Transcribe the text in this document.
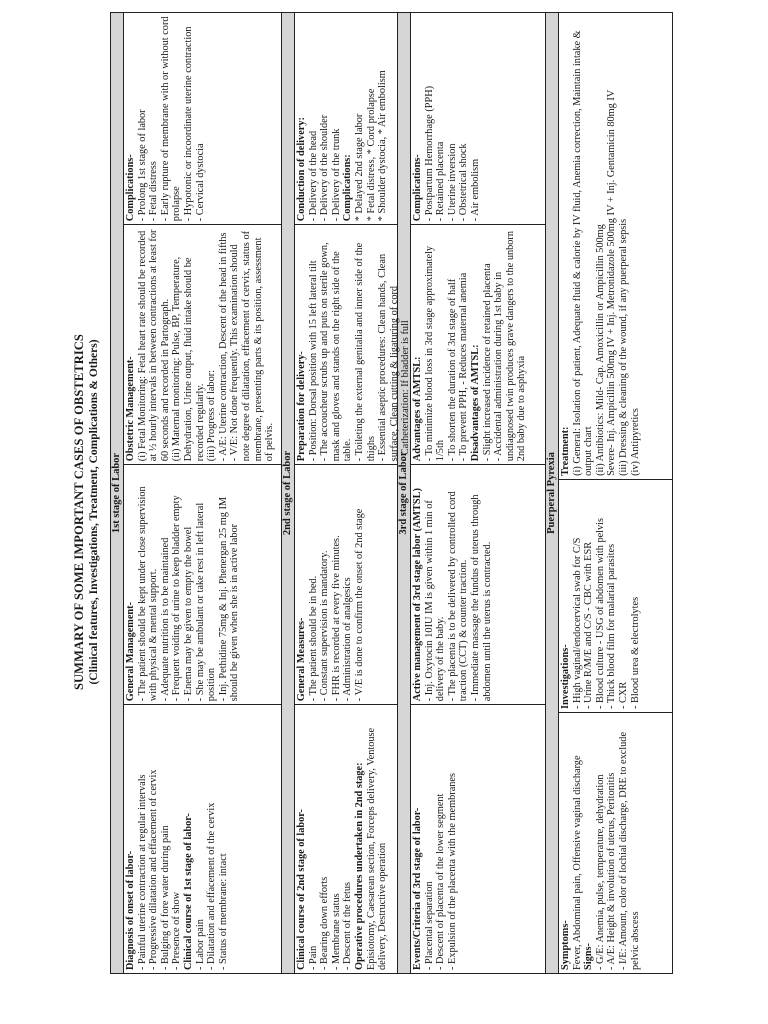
SUMMARY OF SOME IMPORTANT CASES OF OBSTETRICS (Clinical features, Investigations, Treatment, Complications & Others) 1st stage of Labor
Diagnosis of onset of labor- - Painful uterine contraction at regular intervals - Progressive dilatation and effacement of cervix - Bulging of fore water during pain - Presence of show Clinical course of 1st stage of labor- - Labor pain - Dilatation and effacement of the cervix - Status of membrane: intact
General Management- - The patient should be kept under close supervision with physical & mental support. - Adequate nutrition is to be maintained - Frequent voiding of urine to keep bladder empty - Enema may be given to empty the bowel - She may be ambulant or take rest in left lateral position - Inj. Pethidine 75mg & Inj. Phenergan 25 mg IM should be given when she is in active labor
Obstetric Management- (i) Fetal Monitoring: Fetal heart rate should be recorded at ½ hourly intervals in between contractions at least for 60 seconds and recorded in Partograph. (ii) Maternal monitoring: Pulse, BP, Temperature, Dehydration, Urine output, fluid intake should be recorded regularly. (iii) Progress of labor: - A/E: Uterine contraction, Descent of the head in fifths - V/E: Not done frequently. This examination should note degree of dilatation, effacement of cervix, status of membrane, presenting parts & its position, assessment of pelvis.
Complications- - Prolong 1st stage of labor - Fetal distress - Early rupture of membrane with or without cord prolapse - Hypotonic or incoordinate uterine contraction - Cervical dystocia
2nd stage of Labor
Clinical course of 2nd stage of labor- - Pain - Bearing down efforts - Membrane status - Descent of the fetus Operative procedures undertaken in 2nd stage: Episiotomy, Caesarean section, Forceps delivery, Ventouse delivery, Destructive operation
General Measures- - The patient should be in bed. - Constant supervision is mandatory. - FHR is recorded at every five minutes. - Administration of analgesics - V/E is done to confirm the onset of 2nd stage
Preparation for delivery- - Position: Dorsal position with 15 left lateral tilt - The accoucheur scrubs up and puts on sterile gown, mask and gloves and stands on the right side of the table. - Toileting the external genitalia and inner side of the thighs - Essential aseptic procedures: Clean hands, Clean surface, Clean cutting & ligaturing of cord - Catheterization: If bladder is full
Conduction of delivery: - Delivery of the head - Delivery of the shoulder - Delivery of the trunk Complications: * Delayed 2nd stage labor * Fetal distress, * Cord prolapse * Shoulder dystocia, * Air embolism
3rd stage of Labor
Events/Criteria of 3rd stage of labor- - Placental separation - Descent of placenta of the lower segment - Expulsion of the placenta with the membranes
Active management of 3rd stage labor (AMTSL) - Inj. Oxytocin 10IU IM is given within 1 min of delivery of the baby. - The placenta is to be delivered by controlled cord traction (CCT) & counter traction. - Immediate massage the fundus of uterus through abdomen until the uterus is contracted.
Advantages of AMTSL: - To minimize blood loss in 3rd stage approximately 1/5th - To shorten the duration of 3rd stage of half - To prevent PPH, - Reduces maternal anemia Disadvantages of AMTSL: - Slight increased incidence of retained placenta - Accidental administration during 1st baby in undiagnosed twin produces grave dangers to the unborn 2nd baby due to asphyxia
Complications- - Postpartum Hemorrhage (PPH) - Retained placenta - Uterine inversion - Obstetrical shock - Air embolism
Puerperal Pyrexia
Symptoms- Fever, Abdominal pain, Offensive vaginal discharge Signs- - G/E: Anemia, pulse, temperature, dehydration - A/E: Height & involution of uterus, Peritonitis - I/E: Amount, color of lochial discharge, DRE to exclude pelvic abscess
Investigations- - High vaginal/endocervical swab for C/S - Urine R/M/E and C/S - CBC with ESR - Blood culture - USG of abdomen with pelvis - Thick blood film for malarial parasites - CXR - Blood urea & electrolytes
Treatment: (i) General: Isolation of patient, Adequate fluid & calorie by IV fluid, Anemia correction, Maintain intake & output chart (ii) Antibiotics: Mild- Cap. Amoxicillin or Ampicillin 500mg Severe- Inj. Ampicillin 500mg IV + Inj. Metronidazole 500mg IV + Inj. Gentamicin 80mg IV (iii) Dressing & cleaning of the wound, if any puerperal sepsis (iv) Antipyretics
